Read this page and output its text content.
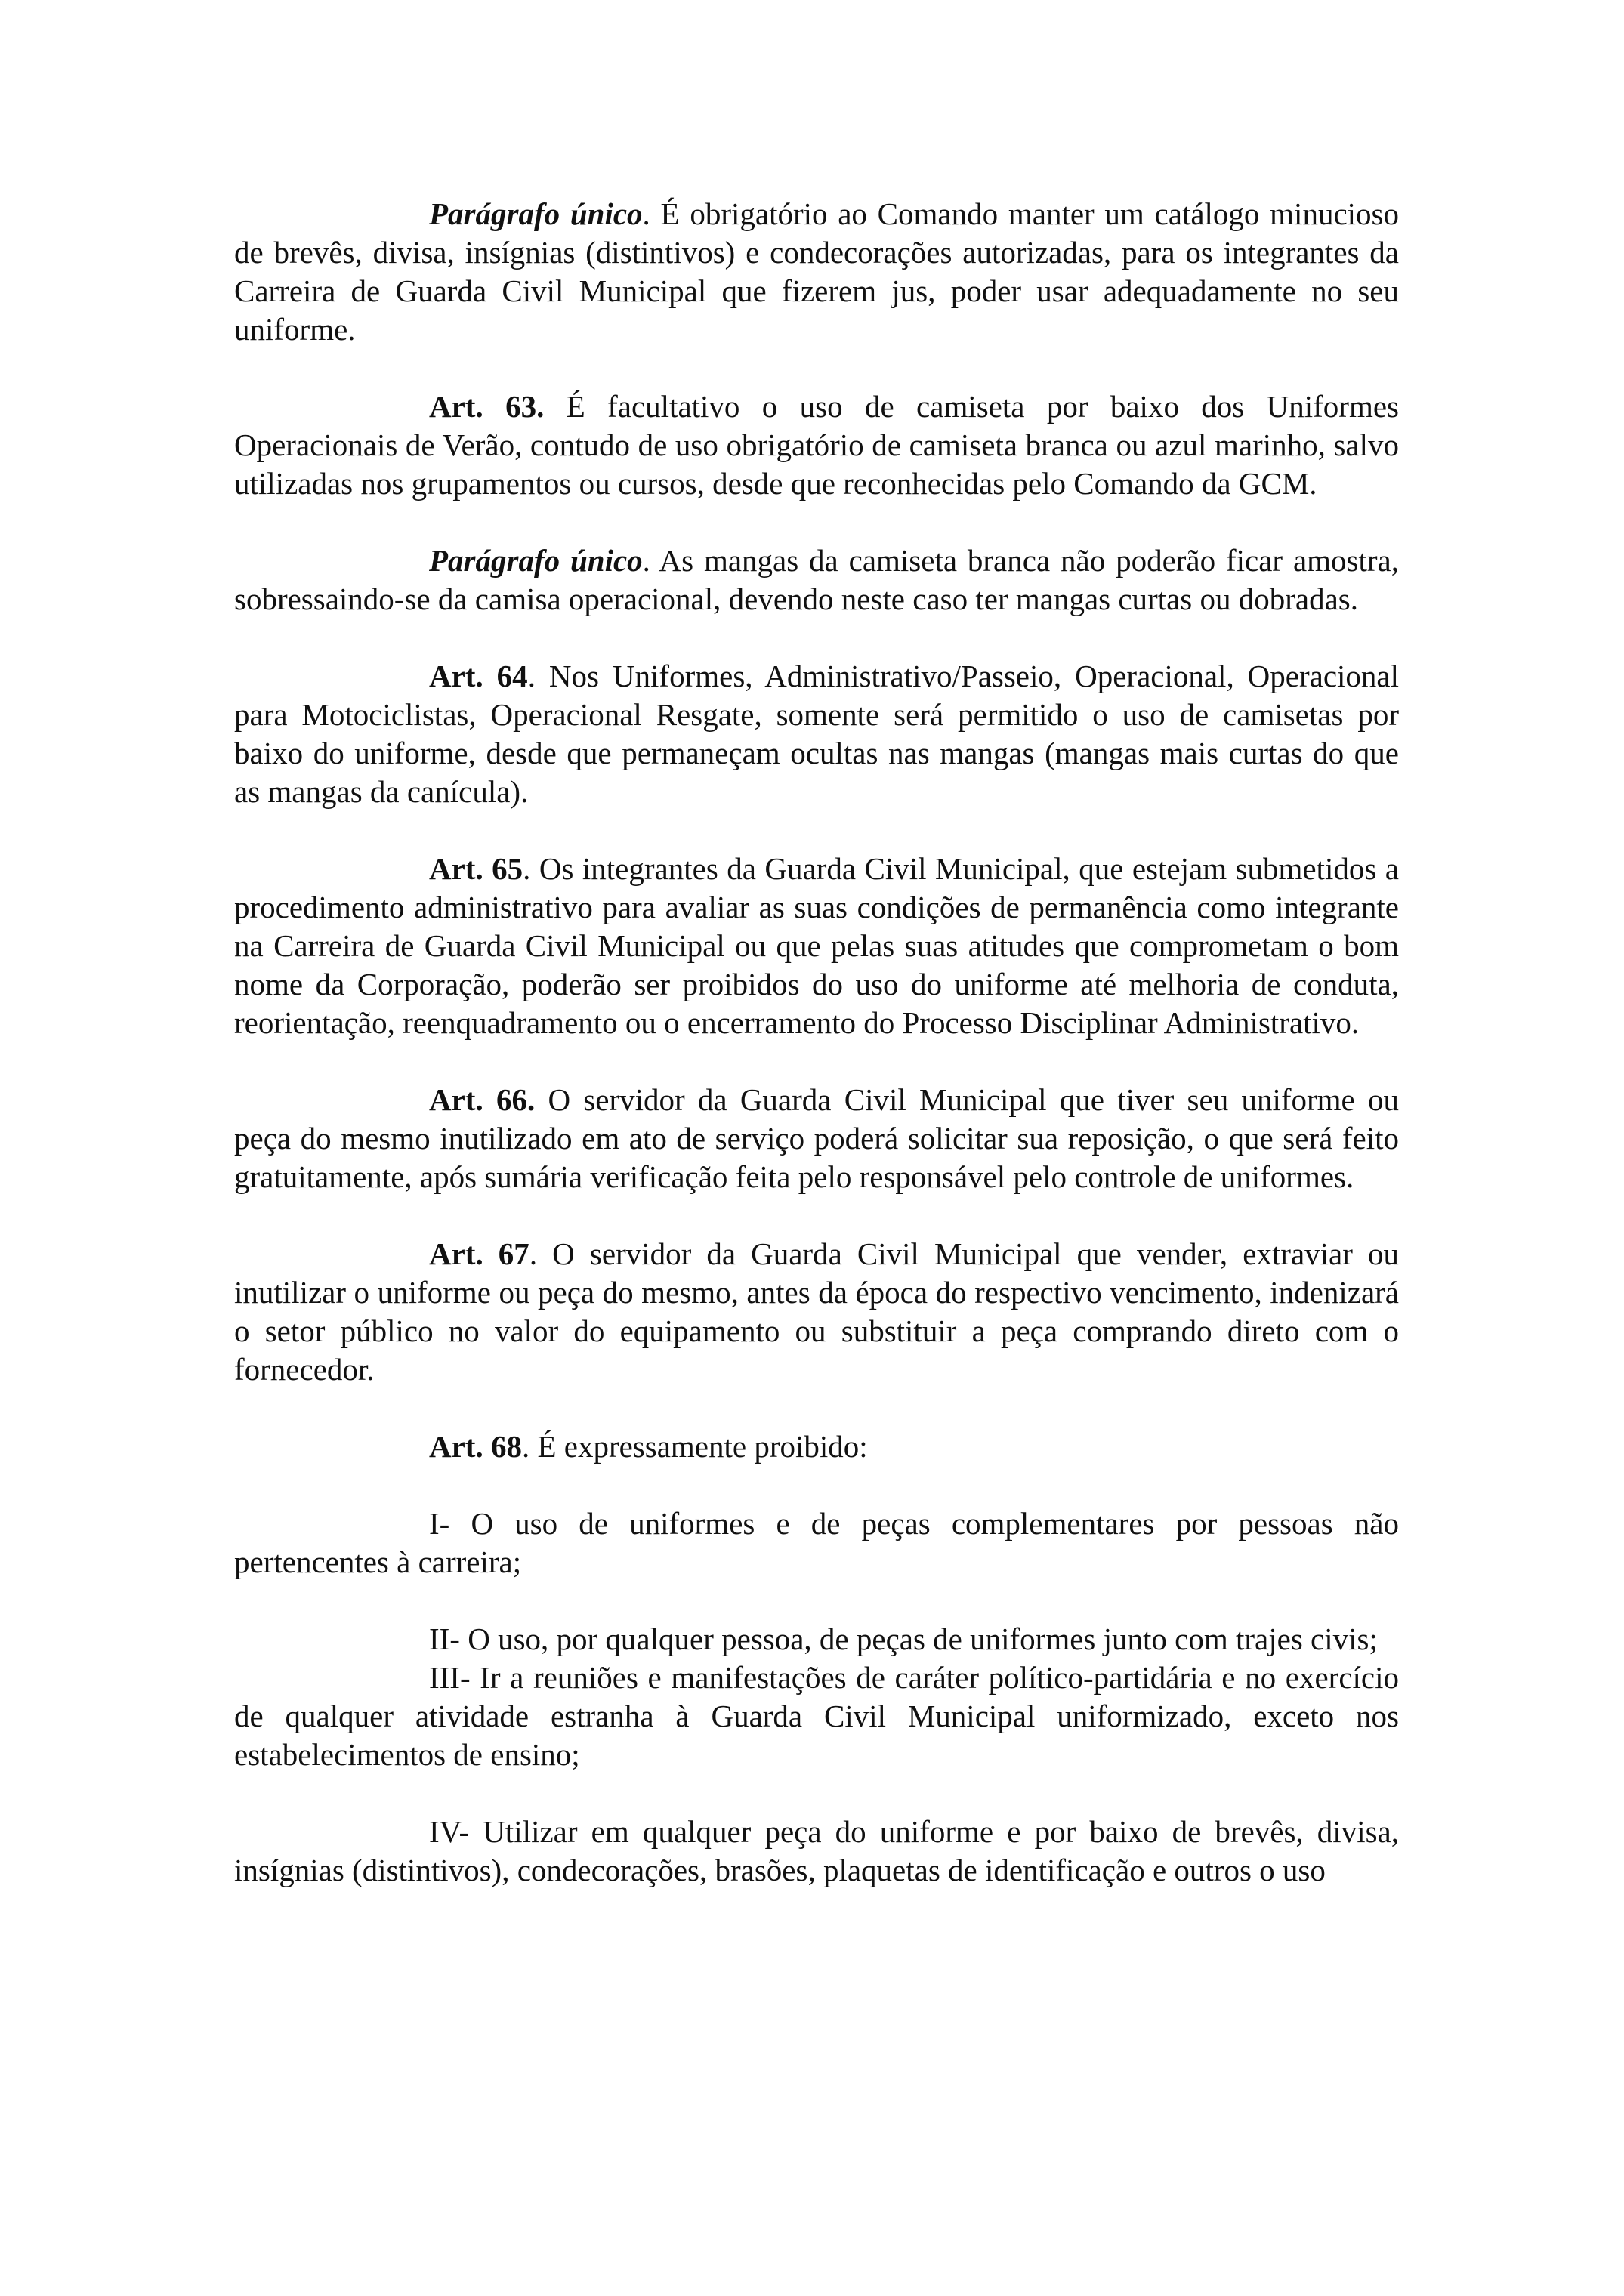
Parágrafo único. É obrigatório ao Comando manter um catálogo minucioso de brevês, divisa, insígnias (distintivos) e condecorações autorizadas, para os integrantes da Carreira de Guarda Civil Municipal que fizerem jus, poder usar adequadamente no seu uniforme.

Art. 63. É facultativo o uso de camiseta por baixo dos Uniformes Operacionais de Verão, contudo de uso obrigatório de camiseta branca ou azul marinho, salvo utilizadas nos grupamentos ou cursos, desde que reconhecidas pelo Comando da GCM.

Parágrafo único. As mangas da camiseta branca não poderão ficar amostra, sobressaindo-se da camisa operacional, devendo neste caso ter mangas curtas ou dobradas.

Art. 64. Nos Uniformes, Administrativo/Passeio, Operacional, Operacional para Motociclistas, Operacional Resgate, somente será permitido o uso de camisetas por baixo do uniforme, desde que permaneçam ocultas nas mangas (mangas mais curtas do que as mangas da canícula).

Art. 65. Os integrantes da Guarda Civil Municipal, que estejam submetidos a procedimento administrativo para avaliar as suas condições de permanência como integrante na Carreira de Guarda Civil Municipal ou que pelas suas atitudes que comprometam o bom nome da Corporação, poderão ser proibidos do uso do uniforme até melhoria de conduta, reorientação, reenquadramento ou o encerramento do Processo Disciplinar Administrativo.

Art. 66. O servidor da Guarda Civil Municipal que tiver seu uniforme ou peça do mesmo inutilizado em ato de serviço poderá solicitar sua reposição, o que será feito gratuitamente, após sumária verificação feita pelo responsável pelo controle de uniformes.

Art. 67. O servidor da Guarda Civil Municipal que vender, extraviar ou inutilizar o uniforme ou peça do mesmo, antes da época do respectivo vencimento, indenizará o setor público no valor do equipamento ou substituir a peça comprando direto com o fornecedor.

Art. 68. É expressamente proibido:

I- O uso de uniformes e de peças complementares por pessoas não pertencentes à carreira;

II- O uso, por qualquer pessoa, de peças de uniformes junto com trajes civis;

III- Ir a reuniões e manifestações de caráter político-partidária e no exercício de qualquer atividade estranha à Guarda Civil Municipal uniformizado, exceto nos estabelecimentos de ensino;

IV- Utilizar em qualquer peça do uniforme e por baixo de brevês, divisa, insígnias (distintivos), condecorações, brasões, plaquetas de identificação e outros o uso
